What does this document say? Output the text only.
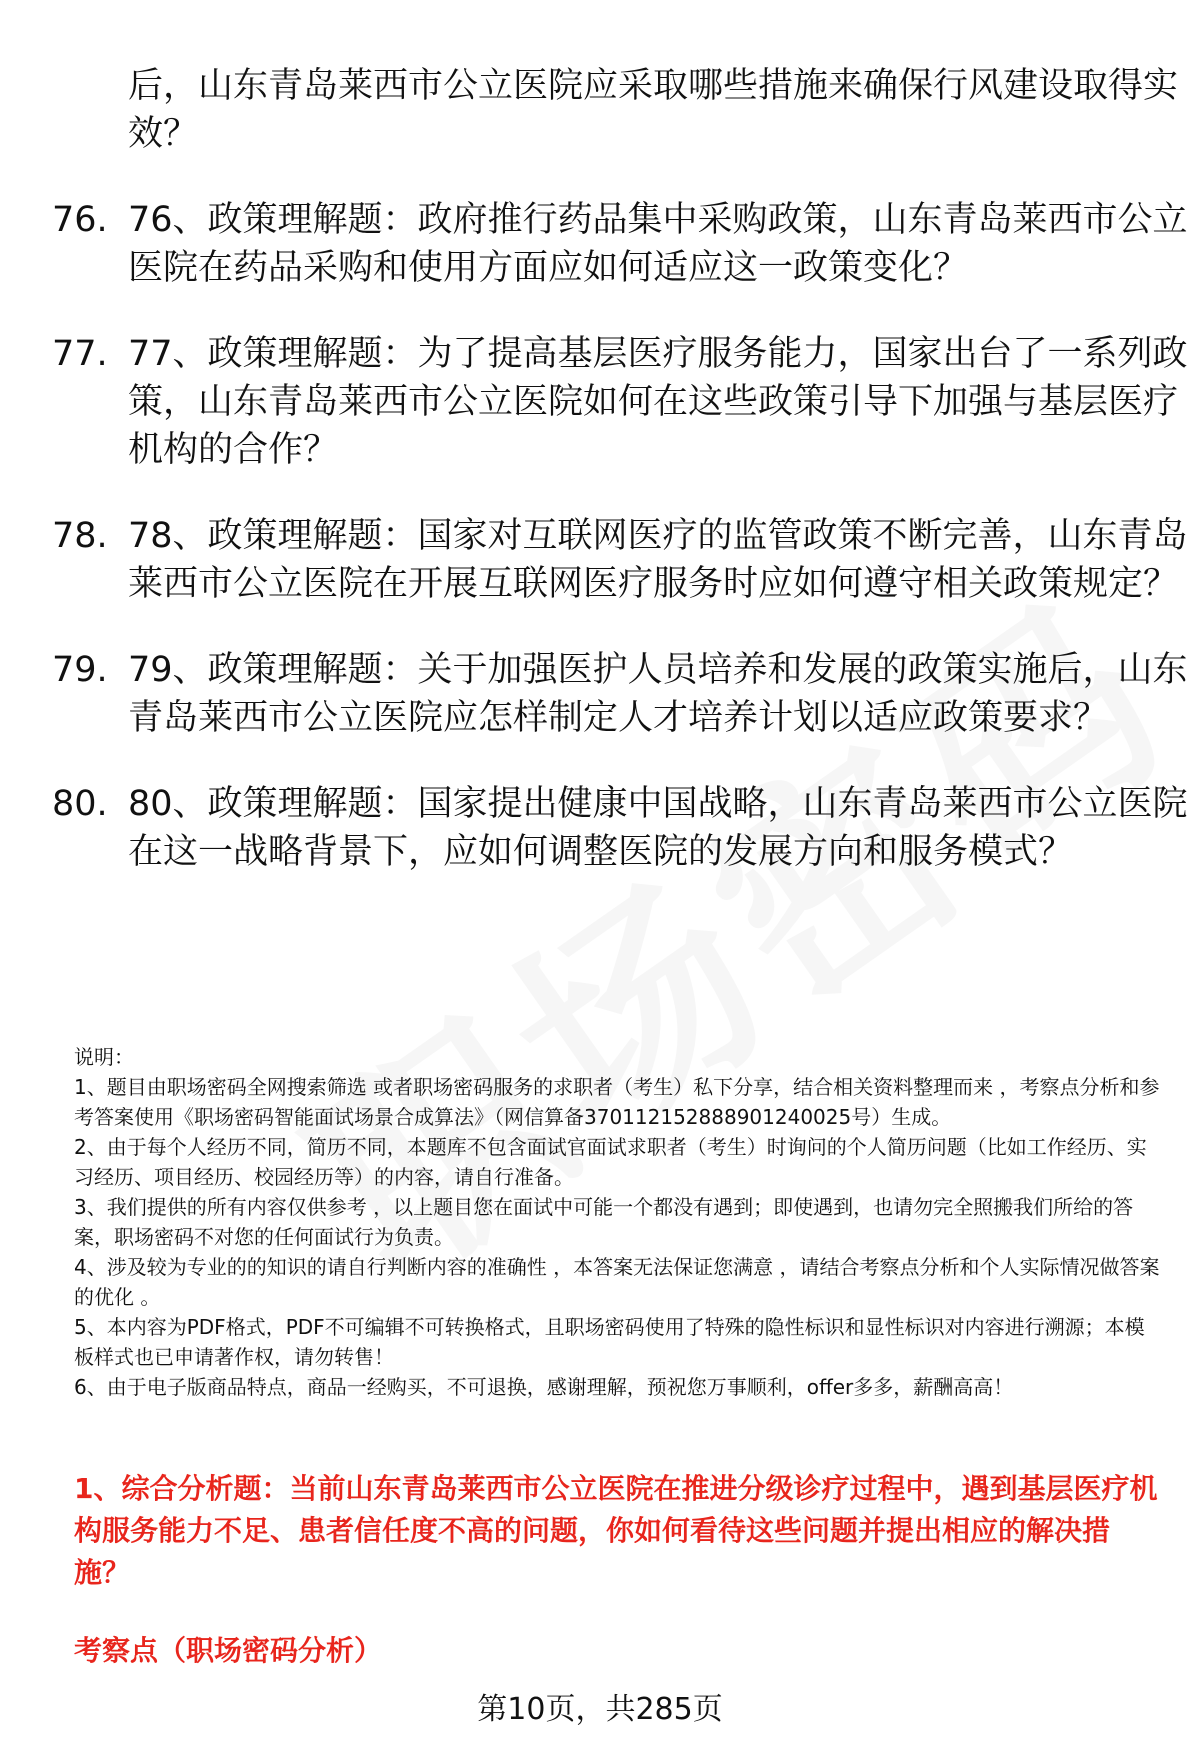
后，山东青岛莱西市公立医院应采取哪些措施来确保行风建设取得实效？
76. 76、政策理解题：政府推行药品集中采购政策，山东青岛莱西市公立医院在药品采购和使用方面应如何适应这一政策变化？
77. 77、政策理解题：为了提高基层医疗服务能力，国家出台了一系列政策，山东青岛莱西市公立医院如何在这些政策引导下加强与基层医疗机构的合作？
78. 78、政策理解题：国家对互联网医疗的监管政策不断完善，山东青岛莱西市公立医院在开展互联网医疗服务时应如何遵守相关政策规定？
79. 79、政策理解题：关于加强医护人员培养和发展的政策实施后，山东青岛莱西市公立医院应怎样制定人才培养计划以适应政策要求？
80. 80、政策理解题：国家提出健康中国战略，山东青岛莱西市公立医院在这一战略背景下，应如何调整医院的发展方向和服务模式？

说明：

1、题目由职场密码全网搜索筛选 或者职场密码服务的求职者（考生）私下分享，结合相关资料整理而来 ，考察点分析和参考答案使用《职场密码智能面试场景合成算法》（网信算备370112152888901240025号）生成。

2、由于每个人经历不同，简历不同，本题库不包含面试官面试求职者（考生）时询问的个人简历问题（比如工作经历、实习经历、项目经历、校园经历等）的内容，请自行准备。

3、我们提供的所有内容仅供参考 ，以上题目您在面试中可能一个都没有遇到；即使遇到，也请勿完全照搬我们所给的答案，职场密码不对您的任何面试行为负责。

4、涉及较为专业的的知识的请自行判断内容的准确性 ，本答案无法保证您满意 ，请结合考察点分析和个人实际情况做答案的优化 。

5、本内容为PDF格式，PDF不可编辑不可转换格式，且职场密码使用了特殊的隐性标识和显性标识对内容进行溯源；本模板样式也已申请著作权，请勿转售！

6、由于电子版商品特点，商品一经购买，不可退换，感谢理解，预祝您万事顺利，offer多多，薪酬高高！

1、综合分析题：当前山东青岛莱西市公立医院在推进分级诊疗过程中，遇到基层医疗机构服务能力不足、患者信任度不高的问题，你如何看待这些问题并提出相应的解决措施？
考察点（职场密码分析）
第10页，共285页
